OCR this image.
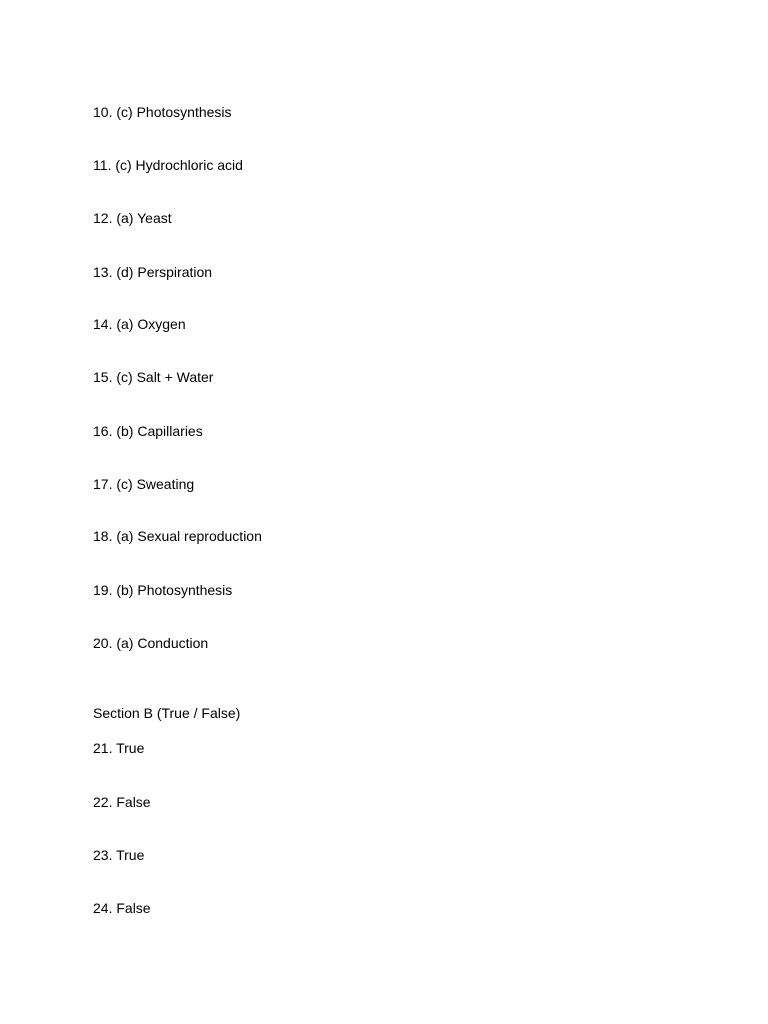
10. (c) Photosynthesis
11. (c) Hydrochloric acid
12. (a) Yeast
13. (d) Perspiration
14. (a) Oxygen
15. (c) Salt + Water
16. (b) Capillaries
17. (c) Sweating
18. (a) Sexual reproduction
19. (b) Photosynthesis
20. (a) Conduction
Section B (True / False)
21. True
22. False
23. True
24. False
